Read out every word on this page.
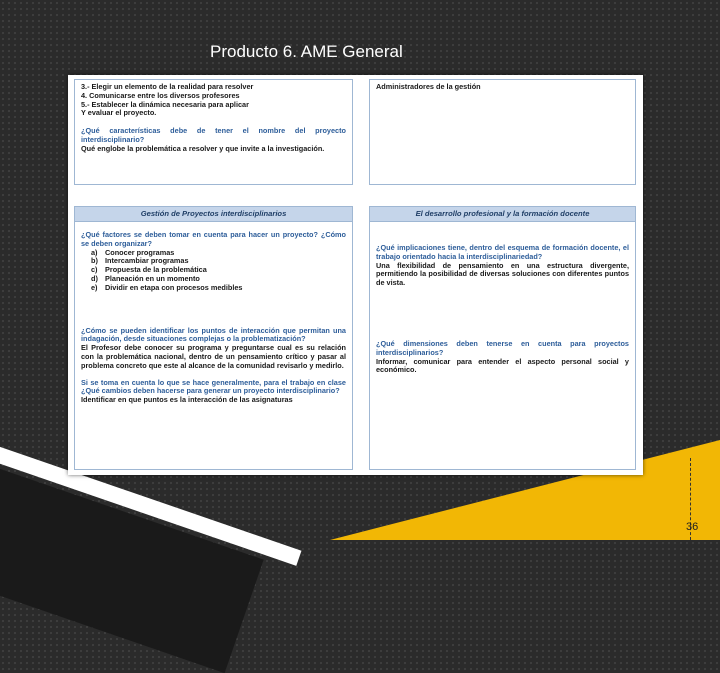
Producto 6. AME General
3.- Elegir un elemento de la realidad para resolver
4. Comunicarse entre los diversos profesores
5.- Establecer la dinámica necesaria para aplicar
Y evaluar el proyecto.
¿Qué características debe de tener el nombre del proyecto interdisciplinario?
Qué englobe la problemática a resolver y que invite a la investigación.
Administradores de la gestión
Gestión de Proyectos interdisciplinarios
¿Qué factores se deben tomar en cuenta para hacer un proyecto? ¿Cómo se deben organizar?
a)	Conocer programas
b) Intercambiar programas
c)	Propuesta de la problemática
d) Planeación en un momento
e)	Dividir en etapa con procesos medibles
¿Cómo se pueden identificar los puntos de interacción que permitan una indagación, desde situaciones complejas o la problematización?
El Profesor debe conocer su programa y preguntarse cual es su relación con la problemática nacional, dentro de un pensamiento crítico y pasar al problema concreto que este al alcance de la comunidad revisarlo y medirlo.
Si se toma en cuenta lo que se hace generalmente, para el trabajo en clase ¿Qué cambios deben hacerse para generar un proyecto interdisciplinario?
Identificar en que puntos es la interacción de las asignaturas
El desarrollo profesional y la formación docente
¿Qué implicaciones tiene, dentro del esquema de formación docente, el trabajo orientado hacia la interdisciplinariedad?
Una flexibilidad de pensamiento en una estructura divergente, permitiendo la posibilidad de diversas soluciones con diferentes puntos de vista.
¿Qué dimensiones deben tenerse en cuenta para proyectos interdisciplinarios?
Informar, comunicar para entender el aspecto personal social y económico.
36
